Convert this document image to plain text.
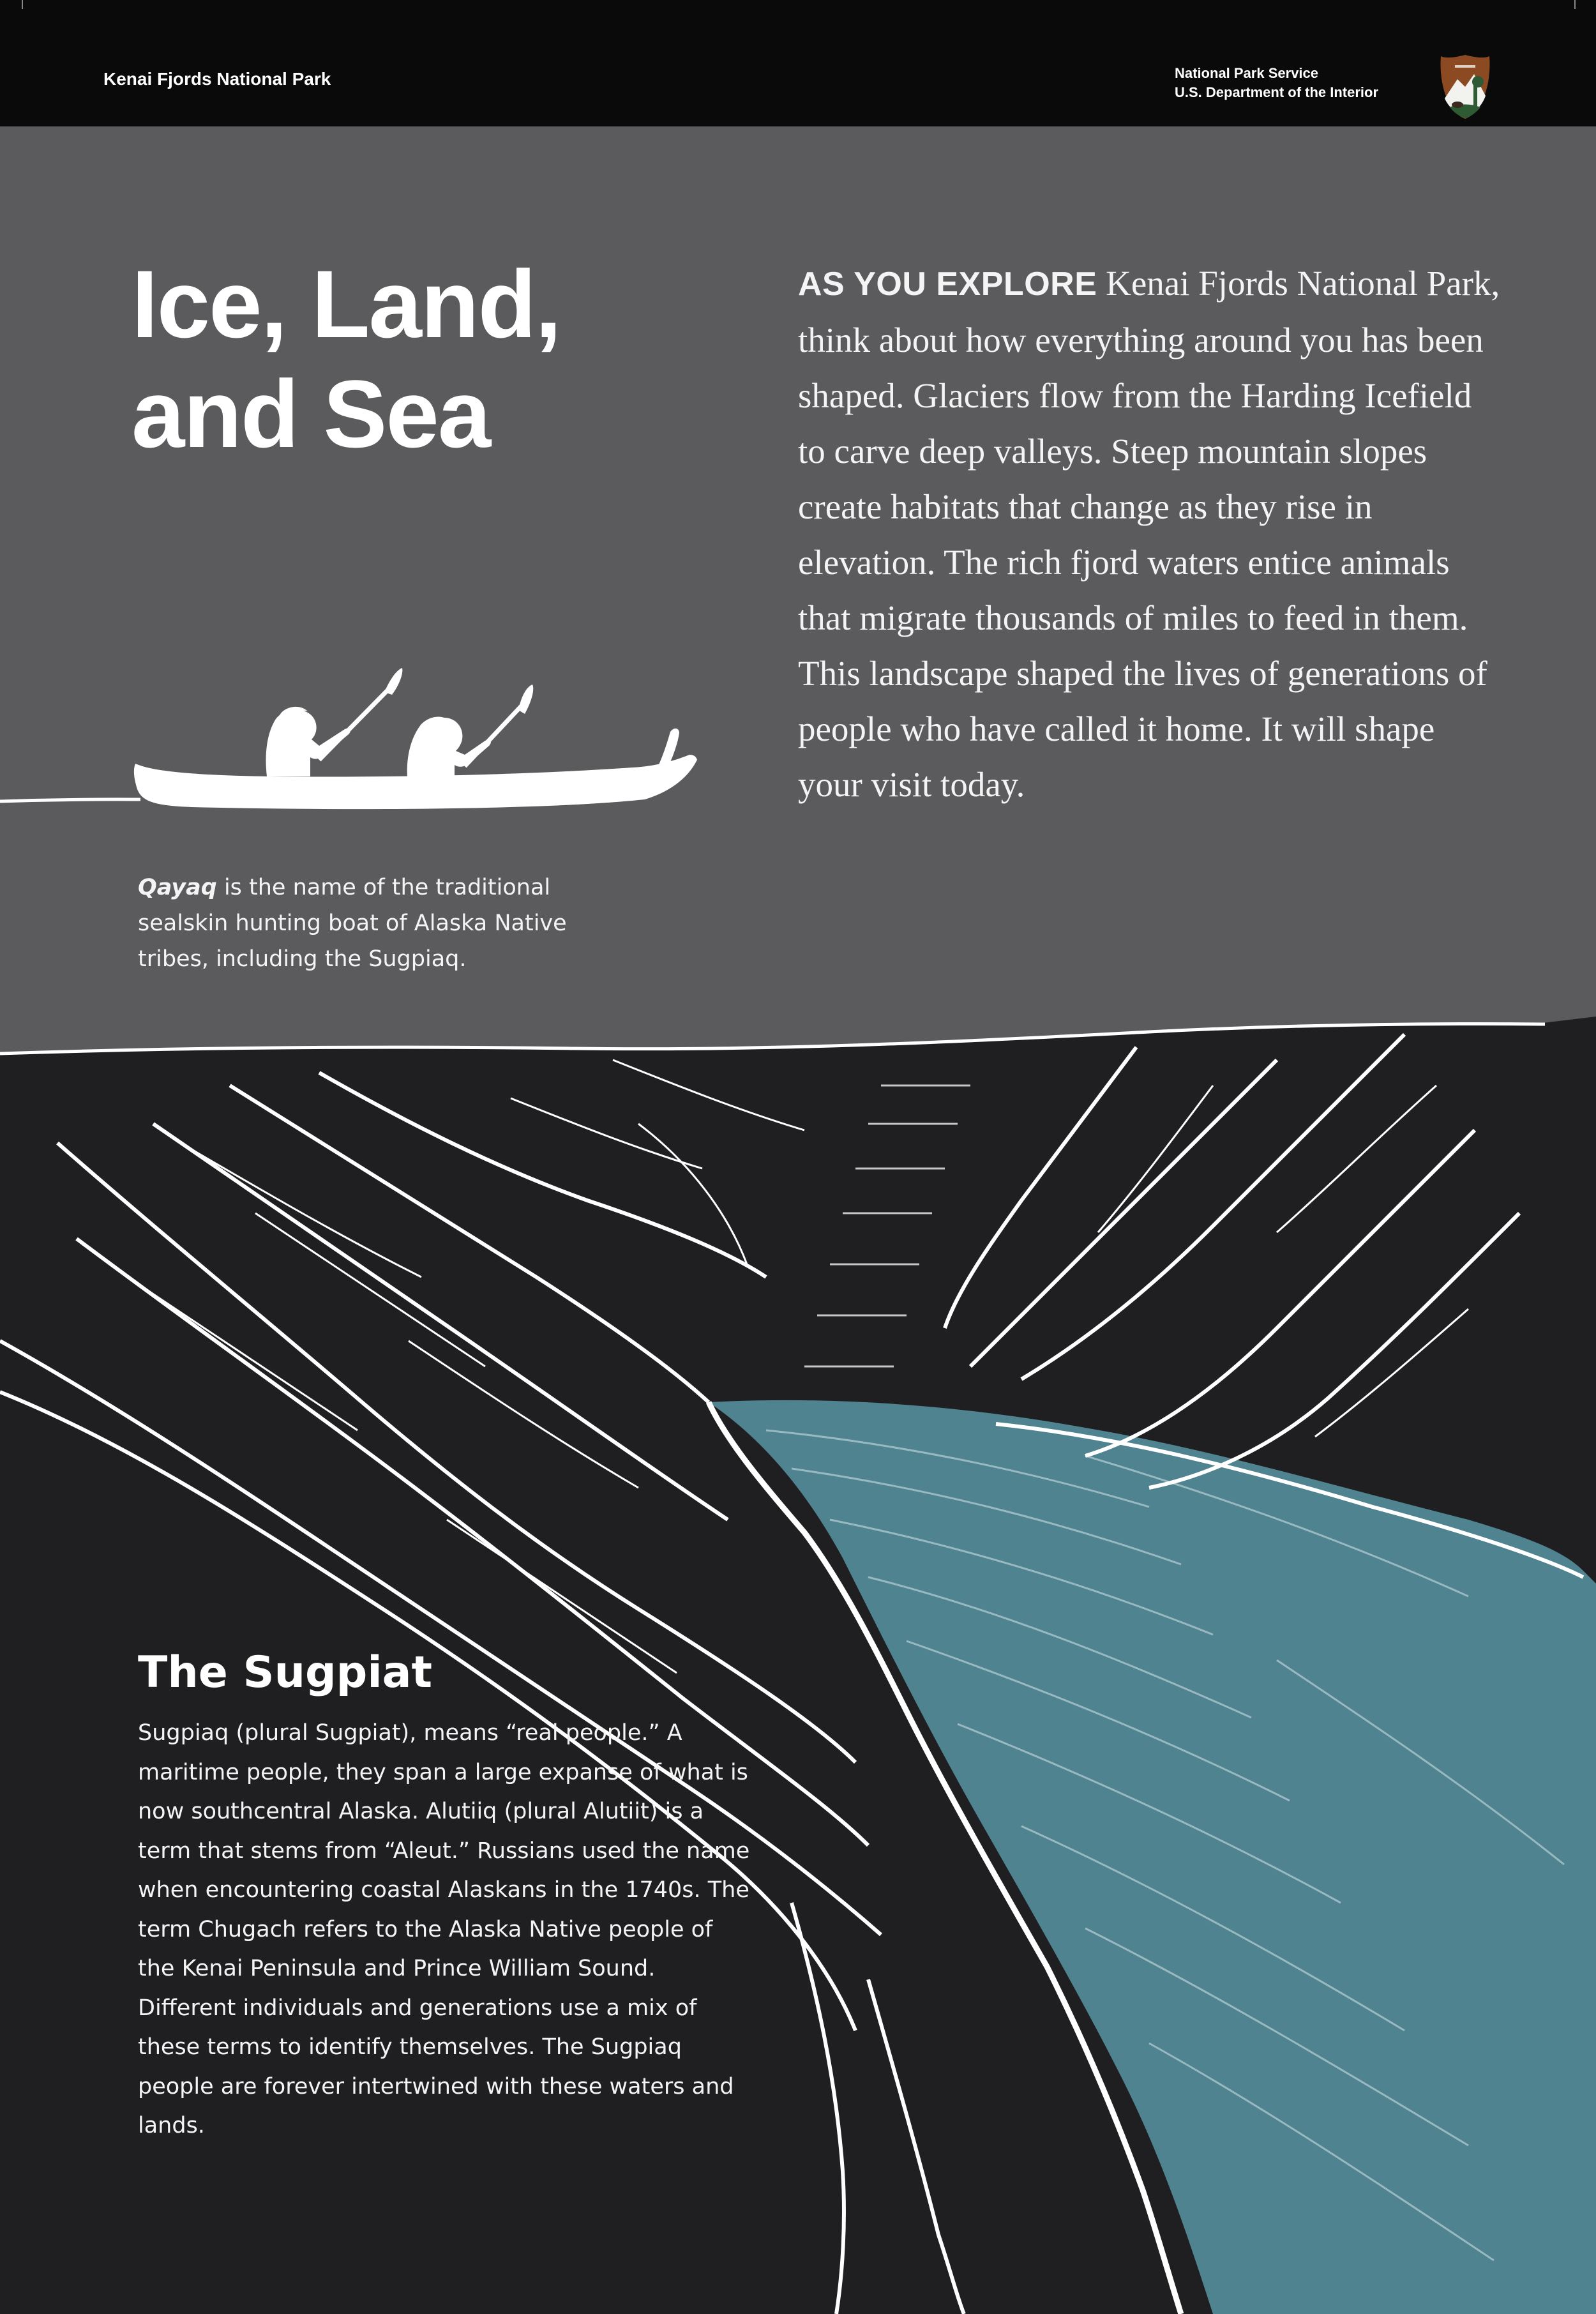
Kenai Fjords National Park	National Park Service
U.S. Department of the Interior
Ice, Land,
and Sea
AS YOU EXPLORE Kenai Fjords National Park, think about how everything around you has been shaped. Glaciers flow from the Harding Icefield to carve deep valleys. Steep mountain slopes create habitats that change as they rise in elevation. The rich fjord waters entice animals that migrate thousands of miles to feed in them. This landscape shaped the lives of generations of people who have called it home. It will shape your visit today.
Qayaq is the name of the traditional sealskin hunting boat of Alaska Native tribes, including the Sugpiaq.
The Sugpiat
Sugpiaq (plural Sugpiat), means “real people.” A maritime people, they span a large expanse of what is now southcentral Alaska. Alutiiq (plural Alutiit) is a term that stems from “Aleut.” Russians used the name when encountering coastal Alaskans in the 1740s. The term Chugach refers to the Alaska Native people of the Kenai Peninsula and Prince William Sound. Different individuals and generations use a mix of these terms to identify themselves. The Sugpiaq people are forever intertwined with these waters and lands.
